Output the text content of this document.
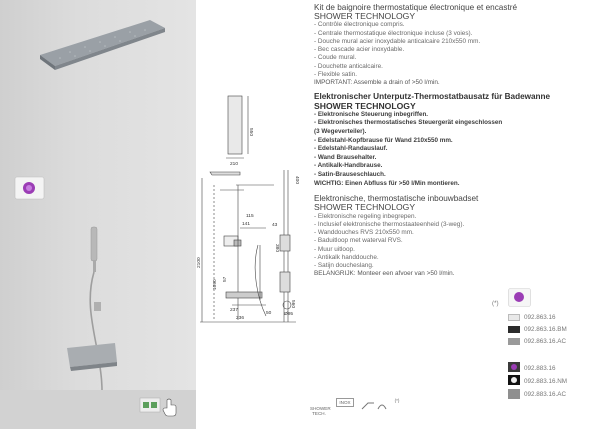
550
210
400
115
141	43
380
2100
1090 57
237
236
50	Ø95
560
Kit de baignoire thermostatique électronique et encastré
SHOWER TECHNOLOGY
- Contrôle électronique compris.
- Centrale thermostatique électronique incluse (3 voies).
- Douche mural acier inoxydable anticalcaire 210x550 mm.
- Bec cascade acier inoxydable.
- Coude mural.
- Douchette anticalcaire.
- Flexible satin.
IMPORTANT: Assemble a drain of >50 l/min.
Elektronischer Unterputz-Thermostatbausatz für Badewanne
SHOWER TECHNOLOGY
- Elektronische Steuerung inbegriffen.
- Elektronisches thermostatisches Steuergerät eingeschlossen
(3 Wegeverteiler).
- Edelstahl-Kopfbrause für Wand 210x550 mm.
- Edelstahl-Randauslauf.
- Wand Brausehalter.
- Antikalk-Handbrause.
- Satin-Brauseschlauch.
WICHTIG: Einen Abfluss für >50 l/Min montieren.
Elektronische, thermostatische inbouwbadset
SHOWER TECHNOLOGY
- Elektronische regeling inbegrepen.
- Inclusief elektronische thermostaateenheid (3-weg).
- Wanddouches RVS 210x550 mm.
- Baduitloop met waterval RVS.
- Muur uitloop.
- Antikalk handdouche.
- Satijn doucheslang.
BELANGRIJK: Monteer een afvoer van >50 l/min.
(*)
092.863.16
092.863.16.BM
092.863.16.AC
092.883.16
092.883.16.NM
092.883.16.AC
SHOWER TECH.
INOX	(*)
